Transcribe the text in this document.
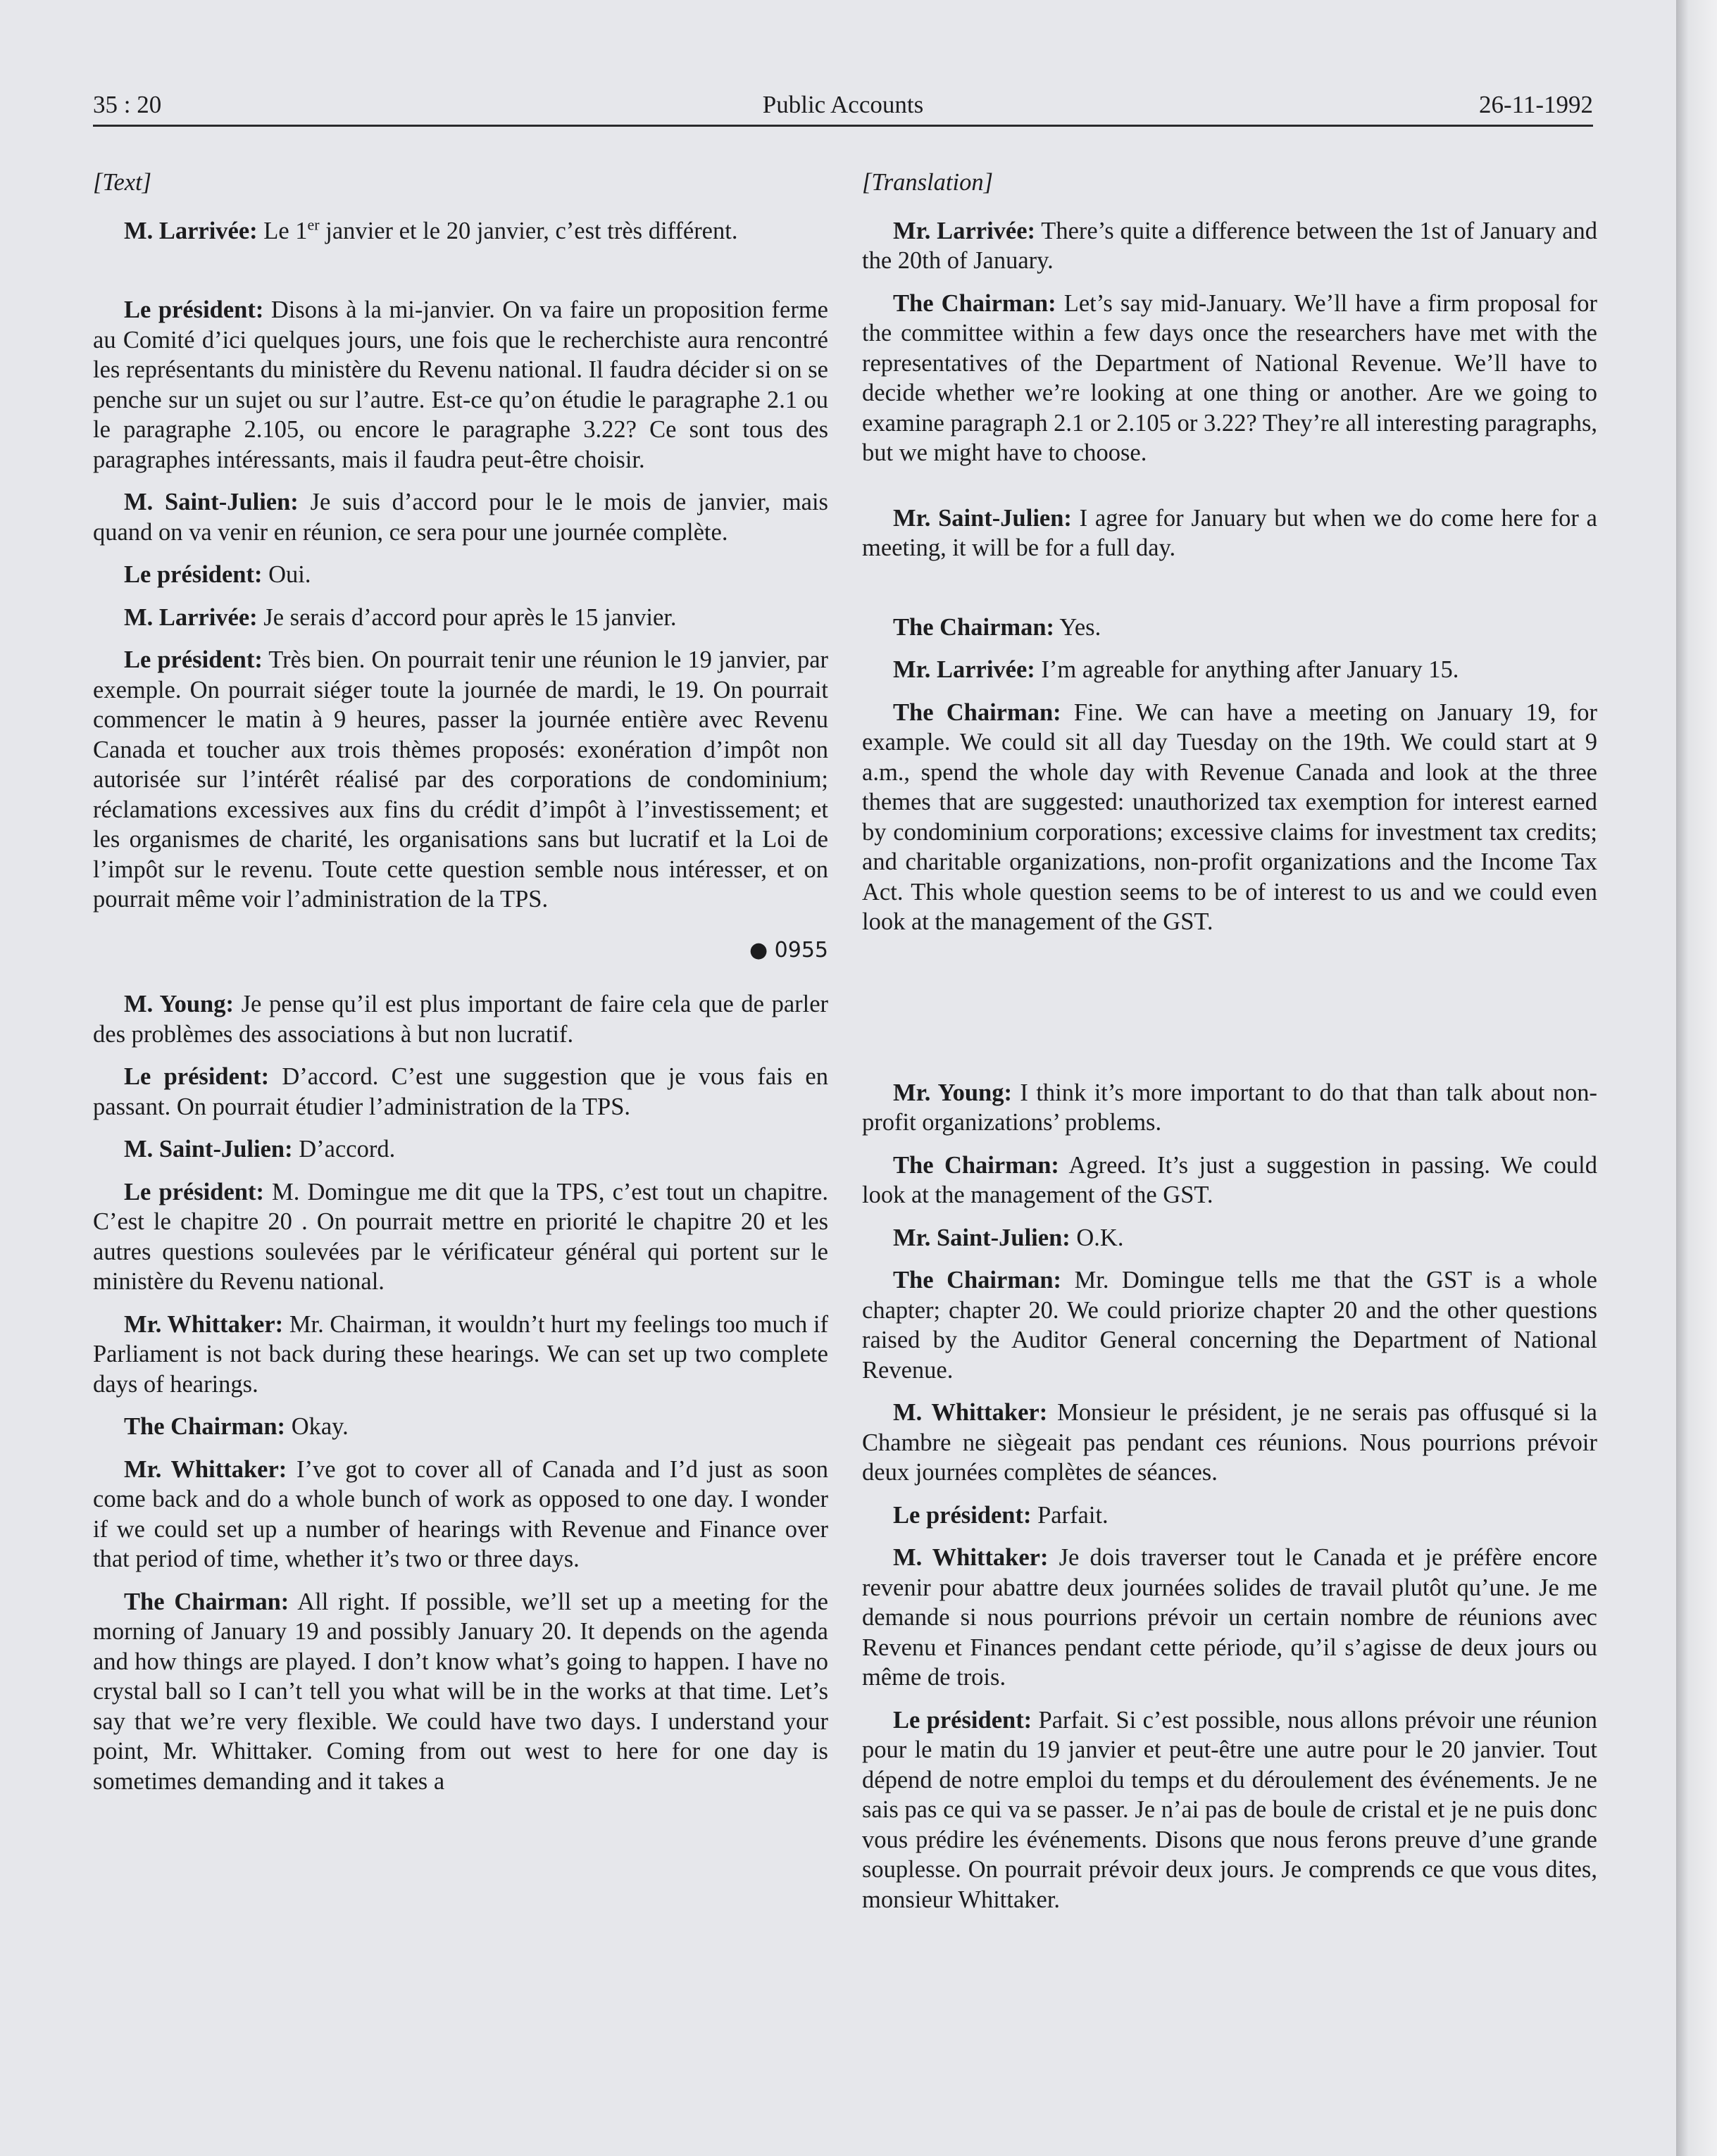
35 : 20	Public Accounts	26-11-1992

[Text]

M. Larrivée: Le 1er janvier et le 20 janvier, c’est très différent.

Le président: Disons à la mi-janvier. On va faire un proposition ferme au Comité d’ici quelques jours, une fois que le recherchiste aura rencontré les représentants du ministère du Revenu national. Il faudra décider si on se penche sur un sujet ou sur l’autre. Est-ce qu’on étudie le paragraphe 2.1 ou le paragraphe 2.105, ou encore le paragraphe 3.22? Ce sont tous des paragraphes intéressants, mais il faudra peut-être choisir.

M. Saint-Julien: Je suis d’accord pour le le mois de janvier, mais quand on va venir en réunion, ce sera pour une journée complète.

Le président: Oui.

M. Larrivée: Je serais d’accord pour après le 15 janvier.

Le président: Très bien. On pourrait tenir une réunion le 19 janvier, par exemple. On pourrait siéger toute la journée de mardi, le 19. On pourrait commencer le matin à 9 heures, passer la journée entière avec Revenu Canada et toucher aux trois thèmes proposés: exonération d’impôt non autorisée sur l’intérêt réalisé par des corporations de condominium; réclamations excessives aux fins du crédit d’impôt à l’investissement; et les organismes de charité, les organisations sans but lucratif et la Loi de l’impôt sur le revenu. Toute cette question semble nous intéresser, et on pourrait même voir l’administration de la TPS.

● 0955

M. Young: Je pense qu’il est plus important de faire cela que de parler des problèmes des associations à but non lucratif.

Le président: D’accord. C’est une suggestion que je vous fais en passant. On pourrait étudier l’administration de la TPS.

M. Saint-Julien: D’accord.

Le président: M. Domingue me dit que la TPS, c’est tout un chapitre. C’est le chapitre 20 . On pourrait mettre en priorité le chapitre 20 et les autres questions soulevées par le vérificateur général qui portent sur le ministère du Revenu national.

Mr. Whittaker: Mr. Chairman, it wouldn’t hurt my feelings too much if Parliament is not back during these hearings. We can set up two complete days of hearings.

The Chairman: Okay.

Mr. Whittaker: I’ve got to cover all of Canada and I’d just as soon come back and do a whole bunch of work as opposed to one day. I wonder if we could set up a number of hearings with Revenue and Finance over that period of time, whether it’s two or three days.

The Chairman: All right. If possible, we’ll set up a meeting for the morning of January 19 and possibly January 20. It depends on the agenda and how things are played. I don’t know what’s going to happen. I have no crystal ball so I can’t tell you what will be in the works at that time. Let’s say that we’re very flexible. We could have two days. I understand your point, Mr. Whittaker. Coming from out west to here for one day is sometimes demanding and it takes a

[Translation]

Mr. Larrivée: There’s quite a difference between the 1st of January and the 20th of January.

The Chairman: Let’s say mid-January. We’ll have a firm proposal for the committee within a few days once the researchers have met with the representatives of the Department of National Revenue. We’ll have to decide whether we’re looking at one thing or another. Are we going to examine paragraph 2.1 or 2.105 or 3.22? They’re all interesting paragraphs, but we might have to choose.

Mr. Saint-Julien: I agree for January but when we do come here for a meeting, it will be for a full day.

The Chairman: Yes.

Mr. Larrivée: I’m agreable for anything after January 15.

The Chairman: Fine. We can have a meeting on January 19, for example. We could sit all day Tuesday on the 19th. We could start at 9 a.m., spend the whole day with Revenue Canada and look at the three themes that are suggested: unauthorized tax exemption for interest earned by condominium corporations; excessive claims for investment tax credits; and charitable organizations, non-profit organizations and the Income Tax Act. This whole question seems to be of interest to us and we could even look at the management of the GST.

Mr. Young: I think it’s more important to do that than talk about non-profit organizations’ problems.

The Chairman: Agreed. It’s just a suggestion in passing. We could look at the management of the GST.

Mr. Saint-Julien: O.K.

The Chairman: Mr. Domingue tells me that the GST is a whole chapter; chapter 20. We could priorize chapter 20 and the other questions raised by the Auditor General concerning the Department of National Revenue.

M. Whittaker: Monsieur le président, je ne serais pas offusqué si la Chambre ne siègeait pas pendant ces réunions. Nous pourrions prévoir deux journées complètes de séances.

Le président: Parfait.

M. Whittaker: Je dois traverser tout le Canada et je préfère encore revenir pour abattre deux journées solides de travail plutôt qu’une. Je me demande si nous pourrions prévoir un certain nombre de réunions avec Revenu et Finances pendant cette période, qu’il s’agisse de deux jours ou même de trois.

Le président: Parfait. Si c’est possible, nous allons prévoir une réunion pour le matin du 19 janvier et peut-être une autre pour le 20 janvier. Tout dépend de notre emploi du temps et du déroulement des événements. Je ne sais pas ce qui va se passer. Je n’ai pas de boule de cristal et je ne puis donc vous prédire les événements. Disons que nous ferons preuve d’une grande souplesse. On pourrait prévoir deux jours. Je comprends ce que vous dites, monsieur Whittaker.
